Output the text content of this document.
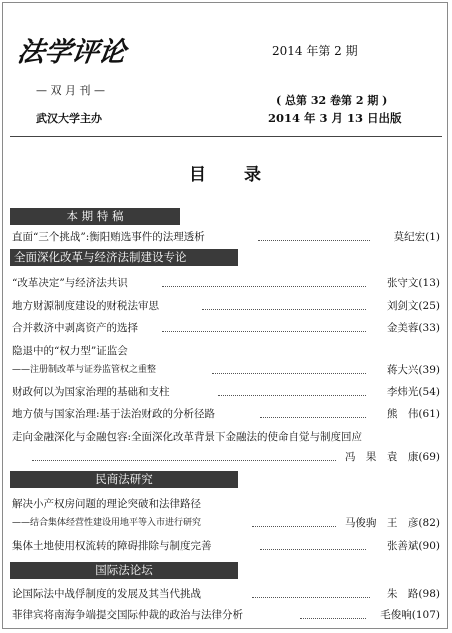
法学评论
— 双 月 刊 —
武汉大学主办
2014 年第 2 期
( 总第 32 卷第 2 期 )
2014 年 3 月 13 日出版
目 录
本 期 特 稿
直面“三个挑战”:衡阳贿选事件的法理透析	莫纪宏(1)
全面深化改革与经济法制建设专论
“改革决定”与经济法共识	张守文(13)
地方财源制度建设的财税法审思	刘剑文(25)
合并救济中剥离资产的选择	金美蓉(33)
隐退中的“权力型”证监会
——注册制改革与证券监管权之重整	蒋大兴(39)
财政何以为国家治理的基础和支柱	李炜光(54)
地方债与国家治理:基于法治财政的分析径路	熊　伟(61)
走向金融深化与金融包容:全面深化改革背景下金融法的使命自觉与制度回应
冯　果　袁　康(69)
民商法研究
解决小产权房问题的理论突破和法律路径
——结合集体经营性建设用地平等入市进行研究	马俊驹　王　彦(82)
集体土地使用权流转的障碍排除与制度完善	张善斌(90)
国际法论坛
论国际法中战俘制度的发展及其当代挑战	朱　路(98)
菲律宾将南海争端提交国际仲裁的政治与法律分析	毛俊响(107)
